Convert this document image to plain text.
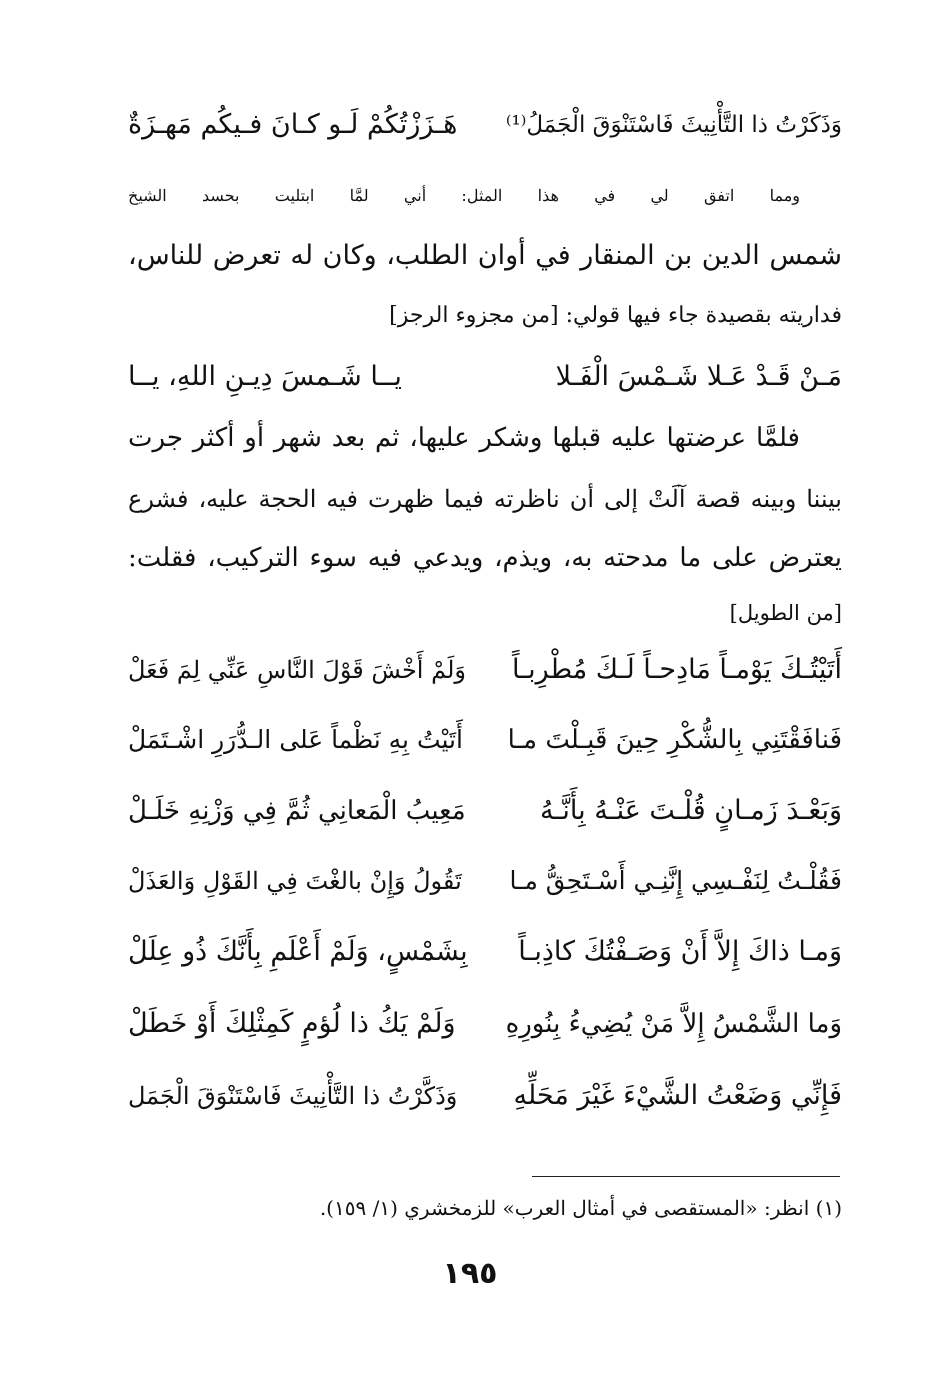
وَذَكَرْتُ ذا التَّأْنِيثَ فَاسْتَنْوَقَ الْجَمَلُ⁽¹⁾
هَـزَزْتُكُمْ لَـو كـانَ فـيكُم مَهـزَةٌ
ومما اتفق لي في هذا المثل: أني لمَّا ابتليت بحسد الشيخ
شمس الدين بن المنقار في أوان الطلب، وكان له تعرض للناس،
فداريته بقصيدة جاء فيها قولي: [من مجزوء الرجز]
مَـنْ قَـدْ عَـلا شَـمْسَ الْفَـلا
يــا شَـمسَ دِيـنِ اللهِ، يــا
فلمَّا عرضتها عليه قبلها وشكر عليها، ثم بعد شهر أو أكثر جرت
بيننا وبينه قصة آلَتْ إلى أن ناظرته فيما ظهرت فيه الحجة عليه، فشرع
يعترض على ما مدحته به، ويذم، ويدعي فيه سوء التركيب، فقلت:
[من الطويل]
أَتَيْتُـكَ يَوْمـاً مَادِحـاً لَـكَ مُطْرِبـاً
وَلَمْ أَخْشَ قَوْلَ النَّاسِ عَنِّي لِمَ فَعَلْ
فَنافَقْتَنِي بِالشُّكْرِ حِينَ قَبِـلْتَ مـا
أَتَيْتُ بِهِ نَظْماً عَلى الـدُّرَرِ اشْـتَمَلْ
وَبَعْـدَ زَمـانٍ قُلْـتَ عَنْـهُ بِأَنَّـهُ
مَعِيبُ الْمَعانِي ثُمَّ فِي وَزْنِهِ خَلَـلْ
فَقُلْـتُ لِنَفْـسِي إِنَّنِـي أَسْـتَحِقُّ مـا
تَقُولُ وَإِنْ بالغْتَ فِي القَوْلِ وَالعَذَلْ
وَمـا ذاكَ إِلاَّ أَنْ وَصَـفْتُكَ كاذِبـاً
بِشَمْسٍ، وَلَمْ أَعْلَمِ بِأَنَّكَ ذُو عِلَلْ
وَما الشَّمْسُ إِلاَّ مَنْ يُضِيءُ بِنُورِهِ
وَلَمْ يَكُ ذا لُؤمٍ كَمِثْلِكَ أَوْ خَطَلْ
فَإِنِّي وَضَعْتُ الشَّيْءَ غَيْرَ مَحَلِّهِ
وَذَكَّرْتُ ذا التَّأْنِيثَ فَاسْتَنْوَقَ الْجَمَل
(١) انظر: «المستقصى في أمثال العرب» للزمخشري (١/ ١٥٩).
١٩٥
